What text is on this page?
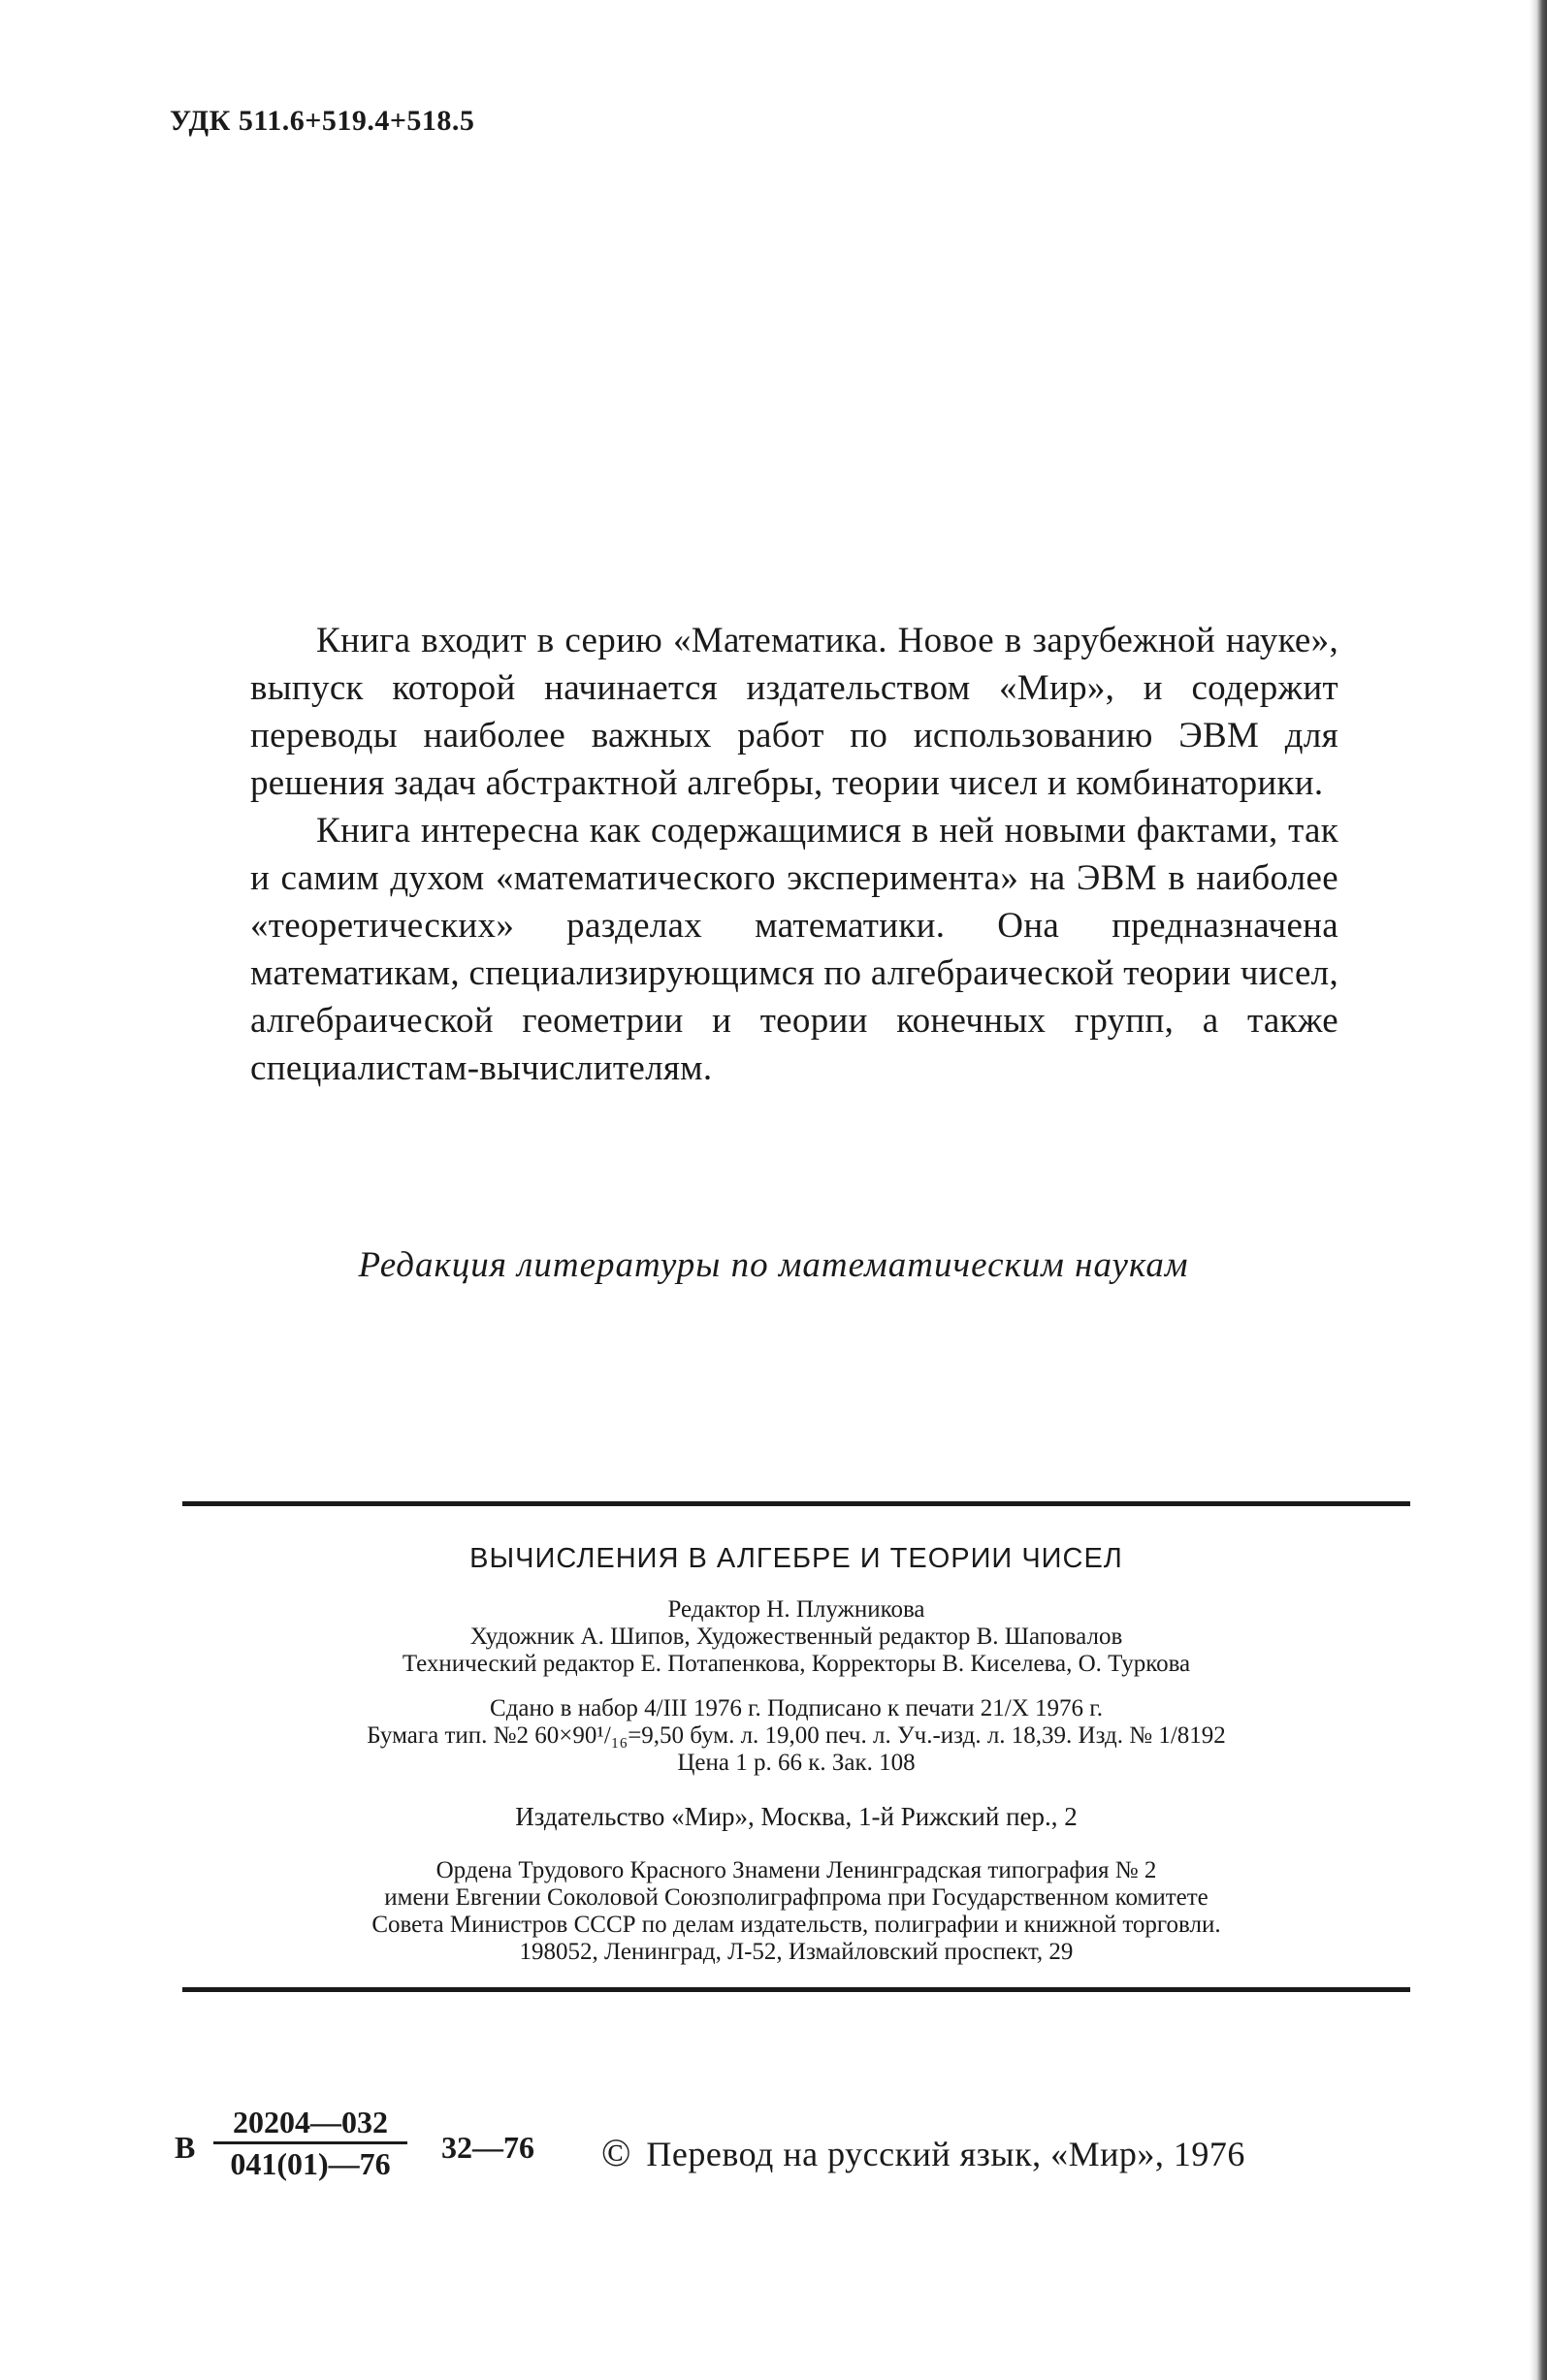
УДК 511.6+519.4+518.5

Книга входит в серию «Математика. Новое в зарубежной науке», выпуск которой начинается издательством «Мир», и содержит переводы наиболее важных работ по использованию ЭВМ для решения задач абстрактной алгебры, теории чисел и комбинаторики.

Книга интересна как содержащимися в ней новыми фактами, так и самим духом «математического эксперимента» на ЭВМ в наиболее «теоретических» разделах математики. Она предназначена математикам, специализирующимся по алгебраической теории чисел, алгебраической геометрии и теории конечных групп, а также специалистам-вычислителям.

Редакция литературы по математическим наукам
ВЫЧИСЛЕНИЯ В АЛГЕБРЕ И ТЕОРИИ ЧИСЕЛ
Редактор Н. Плужникова
Художник А. Шипов, Художественный редактор В. Шаповалов
Технический редактор Е. Потапенкова, Корректоры В. Киселева, О. Туркова
Сдано в набор 4/III 1976 г. Подписано к печати 21/X 1976 г.
Бумага тип. №2 60×90¹/₁₆=9,50 бум. л. 19,00 печ. л. Уч.-изд. л. 18,39. Изд. № 1/8192
Цена 1 р. 66 к. Зак. 108
Издательство «Мир», Москва, 1-й Рижский пер., 2
Ордена Трудового Красного Знамени Ленинградская типография № 2
имени Евгении Соколовой Союзполиграфпрома при Государственном комитете
Совета Министров СССР по делам издательств, полиграфии и книжной торговли.
198052, Ленинград, Л-52, Измайловский проспект, 29
В
20204—032
041(01)—76	32—76 © Перевод на русский язык, «Мир», 1976
